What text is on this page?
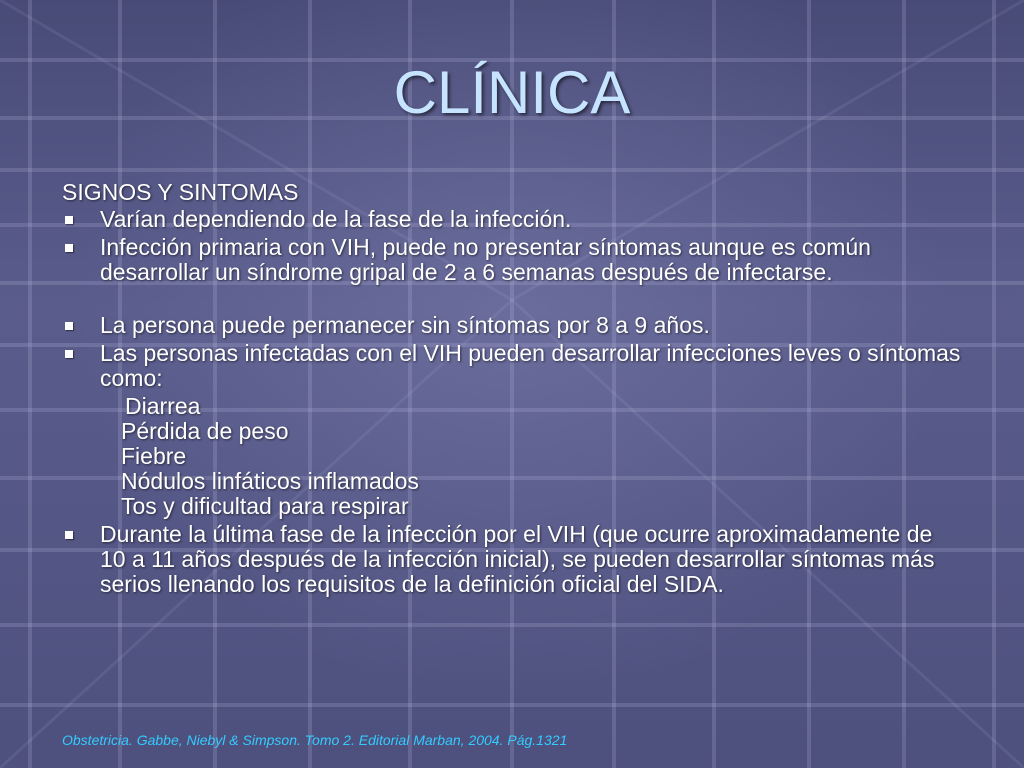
CLÍNICA
SIGNOS Y SINTOMAS
Varían dependiendo de la fase de la infección.
Infección primaria con VIH, puede no presentar síntomas aunque es común desarrollar un síndrome gripal de 2 a 6 semanas después de infectarse.
La persona puede permanecer sin síntomas por 8 a 9 años.
Las personas infectadas con el VIH pueden desarrollar infecciones leves o síntomas como:
Diarrea
Pérdida de peso
Fiebre
Nódulos linfáticos inflamados
Tos y dificultad para respirar
Durante la última fase de la infección por el VIH (que ocurre aproximadamente de 10 a 11 años después de la infección inicial), se pueden desarrollar síntomas más serios llenando los requisitos de la definición oficial del SIDA.
Obstetricia. Gabbe, Niebyl & Simpson. Tomo 2. Editorial Marban, 2004. Pág.1321
